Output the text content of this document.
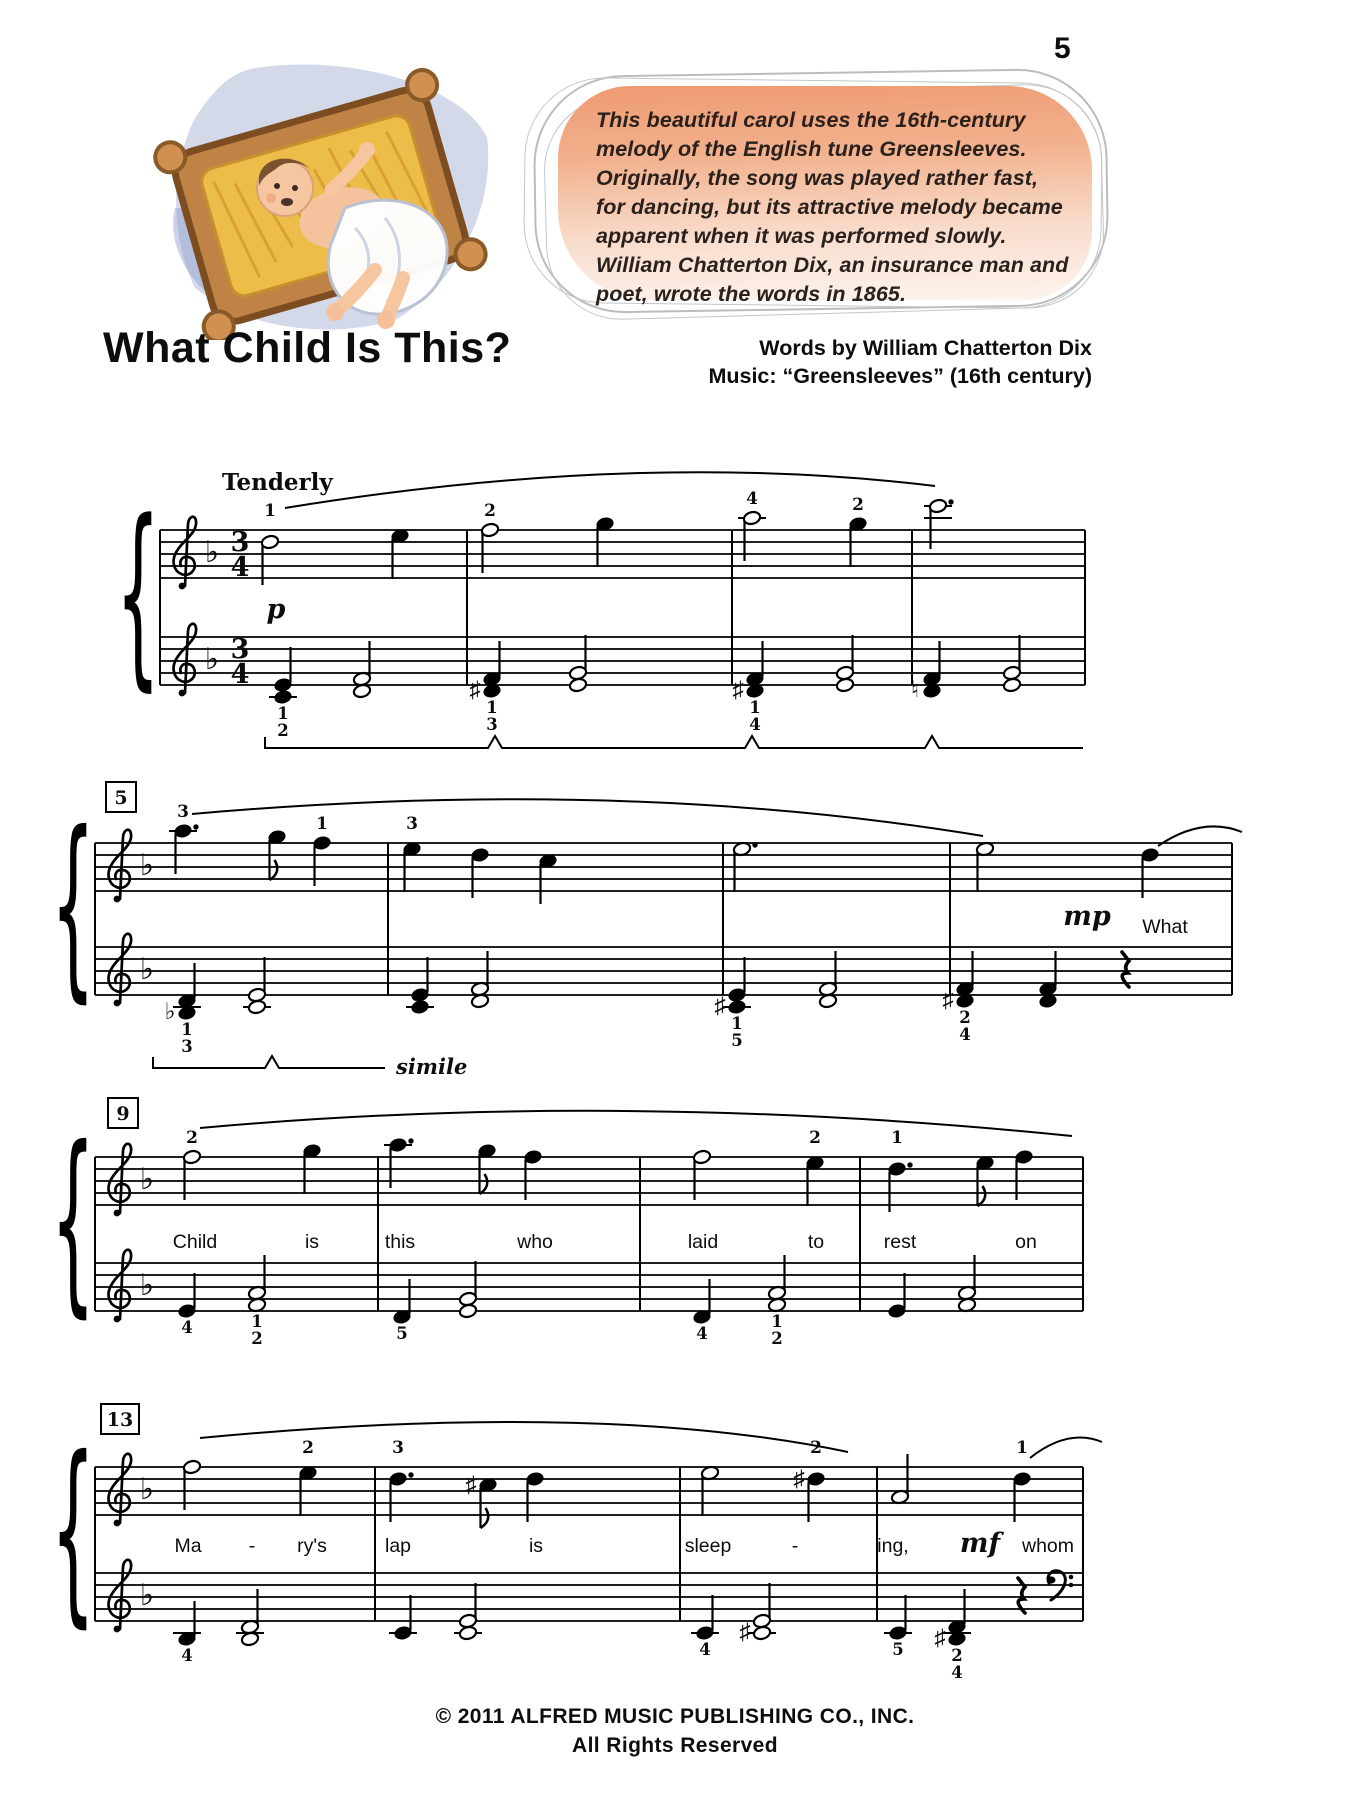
This beautiful carol uses the 16th-century melody of the English tune Greensleeves. Originally, the song was played rather fast, for dancing, but its attractive melody became apparent when it was performed slowly. William Chatterton Dix, an insurance man and poet, wrote the words in 1865.
5
What Child Is This?	Words by William Chatterton Dix
Music: “Greensleeves” (16th century)
{ ♭
♭
3
4
3
4
1	2
4	2
1
2
♯
1
3
♯
1
4
♮
p
Tenderly
{ ♭
♭
3
1	3
♭
1
3
♯
1
5
♯
2
4
mp What
simile
5
{ ♭
♭
2	2	1
4	1
2	5	4
1
2
Child	is	this	who	laid	to	rest	on
9
{ ♭
♭
2	3
♯	♯
2	1
4	4
♯
5 ♯
2
4
mf
Ma - ry's	lap	is	sleep	-	ing,	whom
13
© 2011 ALFRED MUSIC PUBLISHING CO., INC.
All Rights Reserved
